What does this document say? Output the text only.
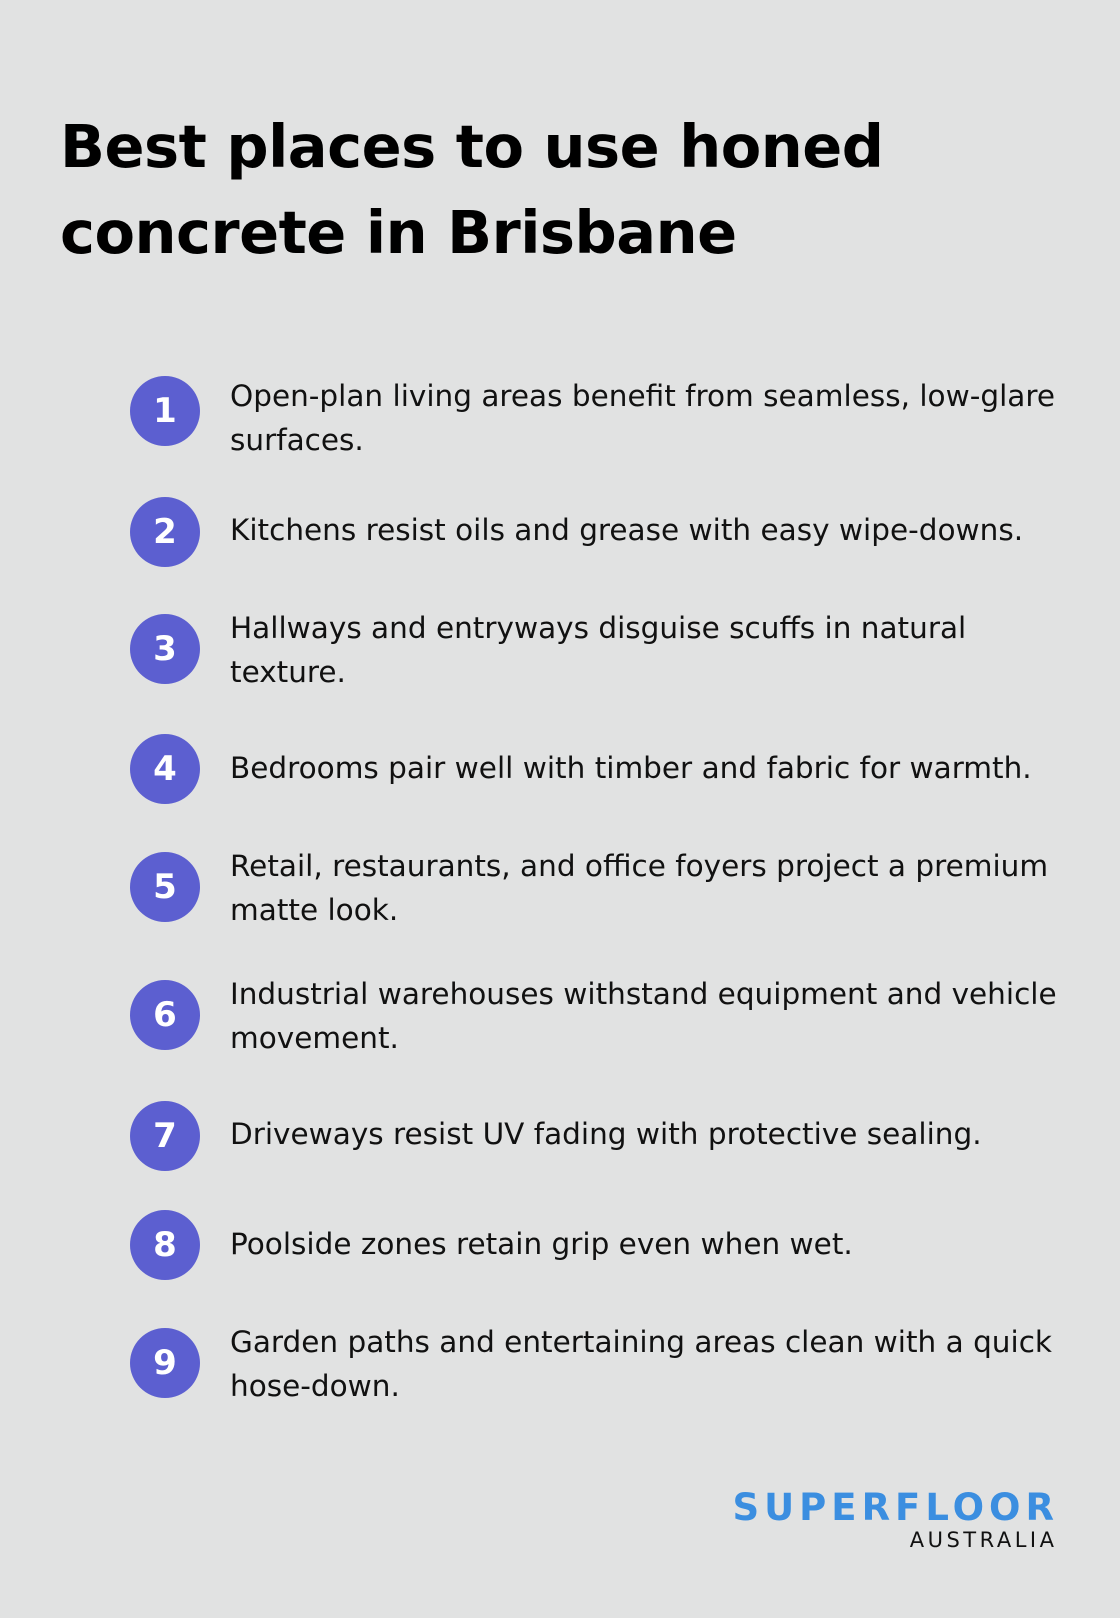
Best places to use honed concrete in Brisbane
1	Open-plan living areas benefit from seamless, low-glare surfaces.
2	Kitchens resist oils and grease with easy wipe-downs.
3
Hallways and entryways disguise scuffs in natural texture.
4	Bedrooms pair well with timber and fabric for warmth.
5
Retail, restaurants, and office foyers project a premium matte look.
6
Industrial warehouses withstand equipment and vehicle movement.
7	Driveways resist UV fading with protective sealing.
8	Poolside zones retain grip even when wet.
9
Garden paths and entertaining areas clean with a quick hose-down.
SUPERFLOOR
AUSTRALIA
